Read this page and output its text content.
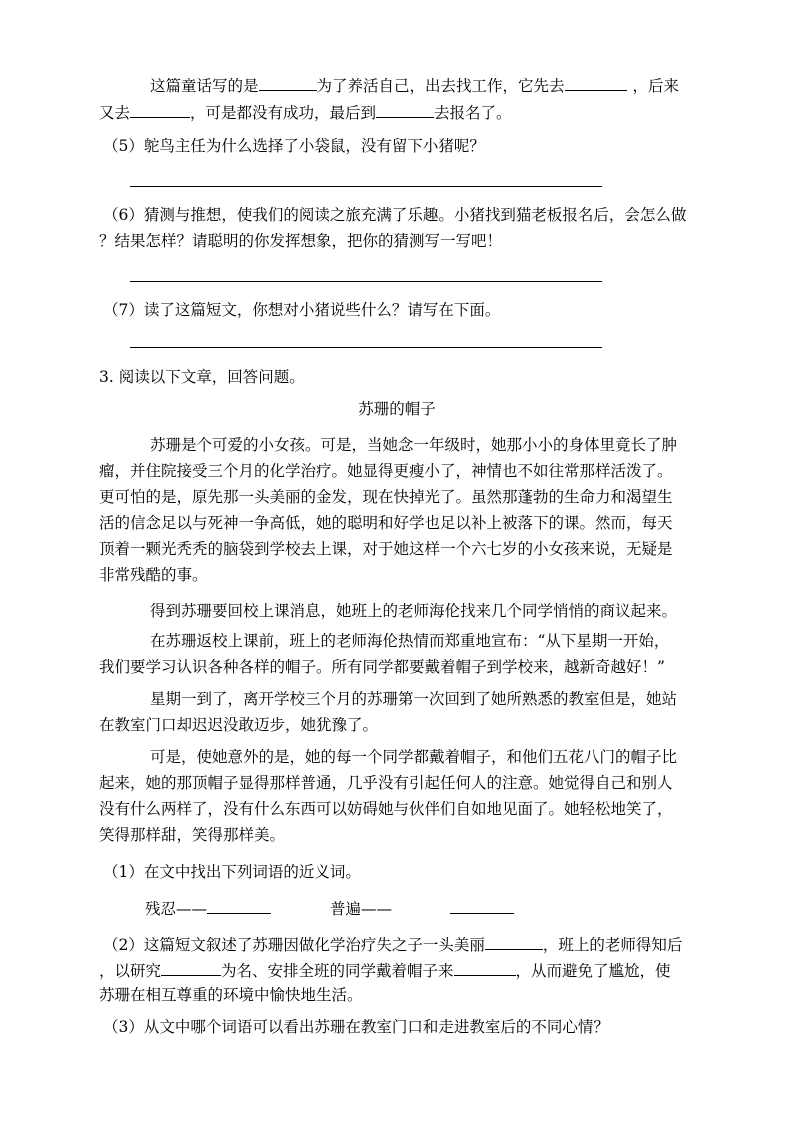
这篇童话写的是	为了养活自己，出去找工作，它先去	，后来
又去	，可是都没有成功，最后到	去报名了。
（5）鸵鸟主任为什么选择了小袋鼠，没有留下小猪呢？
（6）猜测与推想，使我们的阅读之旅充满了乐趣。小猪找到猫老板报名后，会怎么做
？结果怎样？请聪明的你发挥想象，把你的猜测写一写吧！
（7）读了这篇短文，你想对小猪说些什么？请写在下面。
3. 阅读以下文章，回答问题。
苏珊的帽子
苏珊是个可爱的小女孩。可是，当她念一年级时，她那小小的身体里竟长了肿
瘤，并住院接受三个月的化学治疗。她显得更瘦小了，神情也不如往常那样活泼了。
更可怕的是，原先那一头美丽的金发，现在快掉光了。虽然那蓬勃的生命力和渴望生
活的信念足以与死神一争高低，她的聪明和好学也足以补上被落下的课。然而，每天
顶着一颗光秃秃的脑袋到学校去上课，对于她这样一个六七岁的小女孩来说，无疑是
非常残酷的事。
得到苏珊要回校上课消息，她班上的老师海伦找来几个同学悄悄的商议起来。
在苏珊返校上课前，班上的老师海伦热情而郑重地宣布：“从下星期一开始，
我们要学习认识各种各样的帽子。所有同学都要戴着帽子到学校来，越新奇越好！”
星期一到了，离开学校三个月的苏珊第一次回到了她所熟悉的教室但是，她站
在教室门口却迟迟没敢迈步，她犹豫了。
可是，使她意外的是，她的每一个同学都戴着帽子，和他们五花八门的帽子比
起来，她的那顶帽子显得那样普通，几乎没有引起任何人的注意。她觉得自己和别人
没有什么两样了，没有什么东西可以妨碍她与伙伴们自如地见面了。她轻松地笑了，
笑得那样甜，笑得那样美。
（1）在文中找出下列词语的近义词。
残忍——	普遍——
（2）这篇短文叙述了苏珊因做化学治疗失之子一头美丽	，班上的老师得知后
，以研究	为名、安排全班的同学戴着帽子来	，从而避免了尴尬，使
苏珊在相互尊重的环境中愉快地生活。
（3）从文中哪个词语可以看出苏珊在教室门口和走进教室后的不同心情？
